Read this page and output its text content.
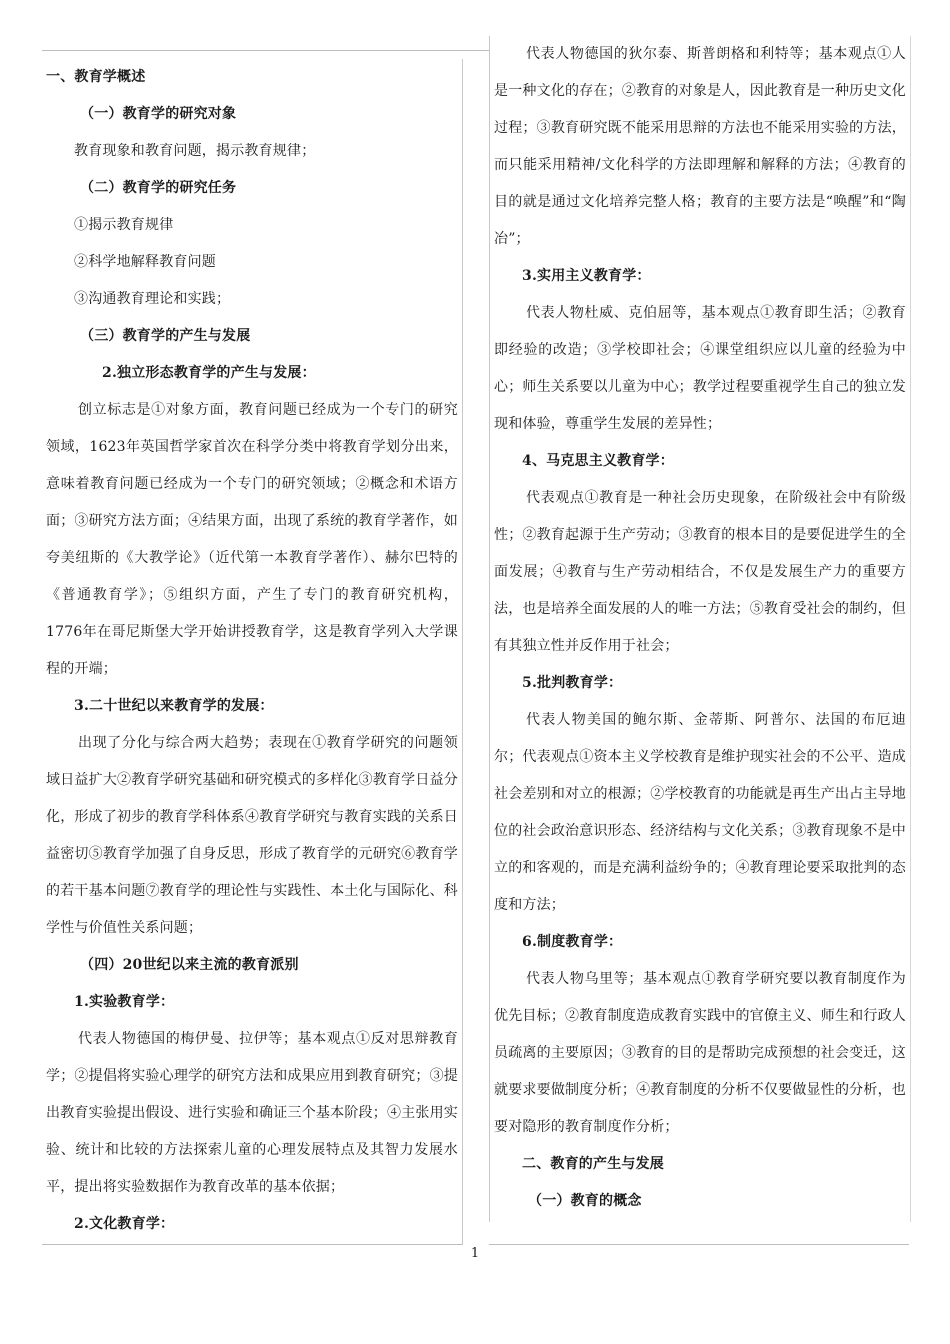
一、教育学概述

（一）教育学的研究对象

教育现象和教育问题，揭示教育规律；

（二）教育学的研究任务

①揭示教育规律

②科学地解释教育问题

③沟通教育理论和实践；

（三）教育学的产生与发展

2.独立形态教育学的产生与发展：

创立标志是①对象方面，教育问题已经成为一个专门的研究领域，1623年英国哲学家首次在科学分类中将教育学划分出来，意味着教育问题已经成为一个专门的研究领域；②概念和术语方面；③研究方法方面；④结果方面，出现了系统的教育学著作，如夸美纽斯的《大教学论》（近代第一本教育学著作）、赫尔巴特的《普通教育学》；⑤组织方面，产生了专门的教育研究机构，1776年在哥尼斯堡大学开始讲授教育学，这是教育学列入大学课程的开端；

3.二十世纪以来教育学的发展：

出现了分化与综合两大趋势；表现在①教育学研究的问题领域日益扩大②教育学研究基础和研究模式的多样化③教育学日益分化，形成了初步的教育学科体系④教育学研究与教育实践的关系日益密切⑤教育学加强了自身反思，形成了教育学的元研究⑥教育学的若干基本问题⑦教育学的理论性与实践性、本土化与国际化、科学性与价值性关系问题；

（四）20世纪以来主流的教育派别

1.实验教育学：

代表人物德国的梅伊曼、拉伊等；基本观点①反对思辩教育学；②提倡将实验心理学的研究方法和成果应用到教育研究；③提出教育实验提出假设、进行实验和确证三个基本阶段；④主张用实验、统计和比较的方法探索儿童的心理发展特点及其智力发展水平，提出将实验数据作为教育改革的基本依据；

2.文化教育学：

代表人物德国的狄尔泰、斯普朗格和利特等；基本观点①人是一种文化的存在；②教育的对象是人，因此教育是一种历史文化过程；③教育研究既不能采用思辩的方法也不能采用实验的方法，而只能采用精神/文化科学的方法即理解和解释的方法；④教育的目的就是通过文化培养完整人格；教育的主要方法是“唤醒”和“陶冶”；

3.实用主义教育学：

代表人物杜威、克伯屈等，基本观点①教育即生活；②教育即经验的改造；③学校即社会；④课堂组织应以儿童的经验为中心；师生关系要以儿童为中心；教学过程要重视学生自己的独立发现和体验，尊重学生发展的差异性；

4、马克思主义教育学：

代表观点①教育是一种社会历史现象，在阶级社会中有阶级性；②教育起源于生产劳动；③教育的根本目的是要促进学生的全面发展；④教育与生产劳动相结合，不仅是发展生产力的重要方法，也是培养全面发展的人的唯一方法；⑤教育受社会的制约，但有其独立性并反作用于社会；

5.批判教育学：

代表人物美国的鲍尔斯、金蒂斯、阿普尔、法国的布厄迪尔；代表观点①资本主义学校教育是维护现实社会的不公平、造成社会差别和对立的根源；②学校教育的功能就是再生产出占主导地位的社会政治意识形态、经济结构与文化关系；③教育现象不是中立的和客观的，而是充满利益纷争的；④教育理论要采取批判的态度和方法；

6.制度教育学：

代表人物乌里等；基本观点①教育学研究要以教育制度作为优先目标；②教育制度造成教育实践中的官僚主义、师生和行政人员疏离的主要原因；③教育的目的是帮助完成预想的社会变迁，这就要求要做制度分析；④教育制度的分析不仅要做显性的分析，也要对隐形的教育制度作分析；

二、教育的产生与发展

（一）教育的概念

1
